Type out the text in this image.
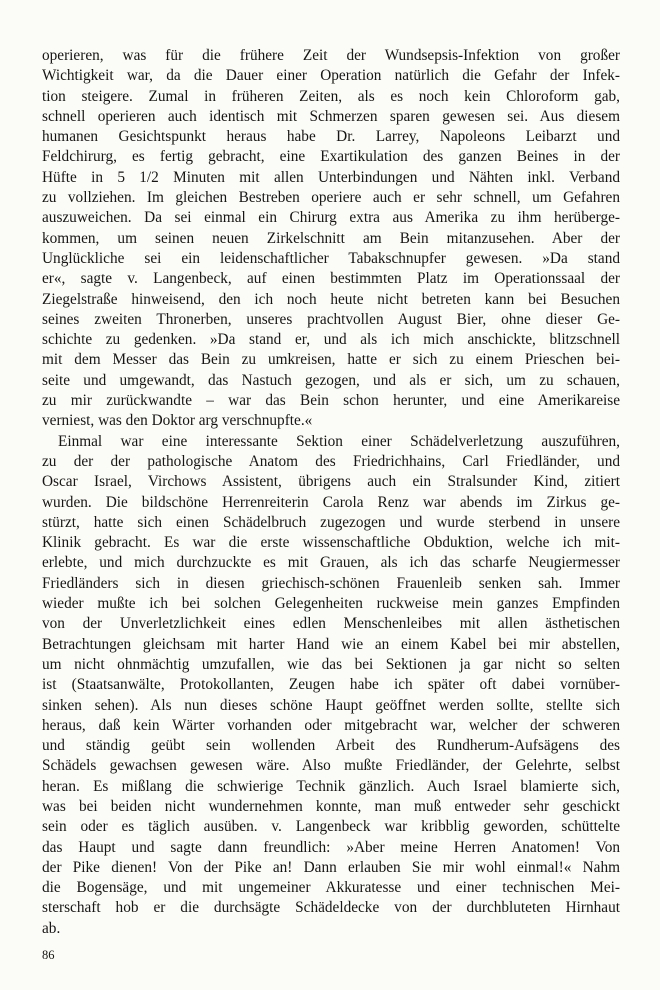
operieren, was für die frühere Zeit der Wundsepsis-Infektion von großer
Wichtigkeit war, da die Dauer einer Operation natürlich die Gefahr der Infek-
tion steigere. Zumal in früheren Zeiten, als es noch kein Chloroform gab,
schnell operieren auch identisch mit Schmerzen sparen gewesen sei. Aus diesem
humanen Gesichtspunkt heraus habe Dr. Larrey, Napoleons Leibarzt und
Feldchirurg, es fertig gebracht, eine Exartikulation des ganzen Beines in der
Hüfte in 5 1/2 Minuten mit allen Unterbindungen und Nähten inkl. Verband
zu vollziehen. Im gleichen Bestreben operiere auch er sehr schnell, um Gefahren
auszuweichen. Da sei einmal ein Chirurg extra aus Amerika zu ihm herüberge-
kommen, um seinen neuen Zirkelschnitt am Bein mitanzusehen. Aber der
Unglückliche sei ein leidenschaftlicher Tabakschnupfer gewesen. »Da stand
er«, sagte v. Langenbeck, auf einen bestimmten Platz im Operationssaal der
Ziegelstraße hinweisend, den ich noch heute nicht betreten kann bei Besuchen
seines zweiten Thronerben, unseres prachtvollen August Bier, ohne dieser Ge-
schichte zu gedenken. »Da stand er, und als ich mich anschickte, blitzschnell
mit dem Messer das Bein zu umkreisen, hatte er sich zu einem Prieschen bei-
seite und umgewandt, das Nastuch gezogen, und als er sich, um zu schauen,
zu mir zurückwandte – war das Bein schon herunter, und eine Amerikareise
verniest, was den Doktor arg verschnupfte.«
Einmal war eine interessante Sektion einer Schädelverletzung auszuführen,
zu der der pathologische Anatom des Friedrichhains, Carl Friedländer, und
Oscar Israel, Virchows Assistent, übrigens auch ein Stralsunder Kind, zitiert
wurden. Die bildschöne Herrenreiterin Carola Renz war abends im Zirkus ge-
stürzt, hatte sich einen Schädelbruch zugezogen und wurde sterbend in unsere
Klinik gebracht. Es war die erste wissenschaftliche Obduktion, welche ich mit-
erlebte, und mich durchzuckte es mit Grauen, als ich das scharfe Neugiermesser
Friedländers sich in diesen griechisch-schönen Frauenleib senken sah. Immer
wieder mußte ich bei solchen Gelegenheiten ruckweise mein ganzes Empfinden
von der Unverletzlichkeit eines edlen Menschenleibes mit allen ästhetischen
Betrachtungen gleichsam mit harter Hand wie an einem Kabel bei mir abstellen,
um nicht ohnmächtig umzufallen, wie das bei Sektionen ja gar nicht so selten
ist (Staatsanwälte, Protokollanten, Zeugen habe ich später oft dabei vornüber-
sinken sehen). Als nun dieses schöne Haupt geöffnet werden sollte, stellte sich
heraus, daß kein Wärter vorhanden oder mitgebracht war, welcher der schweren
und ständig geübt sein wollenden Arbeit des Rundherum-Aufsägens des
Schädels gewachsen gewesen wäre. Also mußte Friedländer, der Gelehrte, selbst
heran. Es mißlang die schwierige Technik gänzlich. Auch Israel blamierte sich,
was bei beiden nicht wundernehmen konnte, man muß entweder sehr geschickt
sein oder es täglich ausüben. v. Langenbeck war kribblig geworden, schüttelte
das Haupt und sagte dann freundlich: »Aber meine Herren Anatomen! Von
der Pike dienen! Von der Pike an! Dann erlauben Sie mir wohl einmal!« Nahm
die Bogensäge, und mit ungemeiner Akkuratesse und einer technischen Mei-
sterschaft hob er die durchsägte Schädeldecke von der durchbluteten Hirnhaut
ab.
86
